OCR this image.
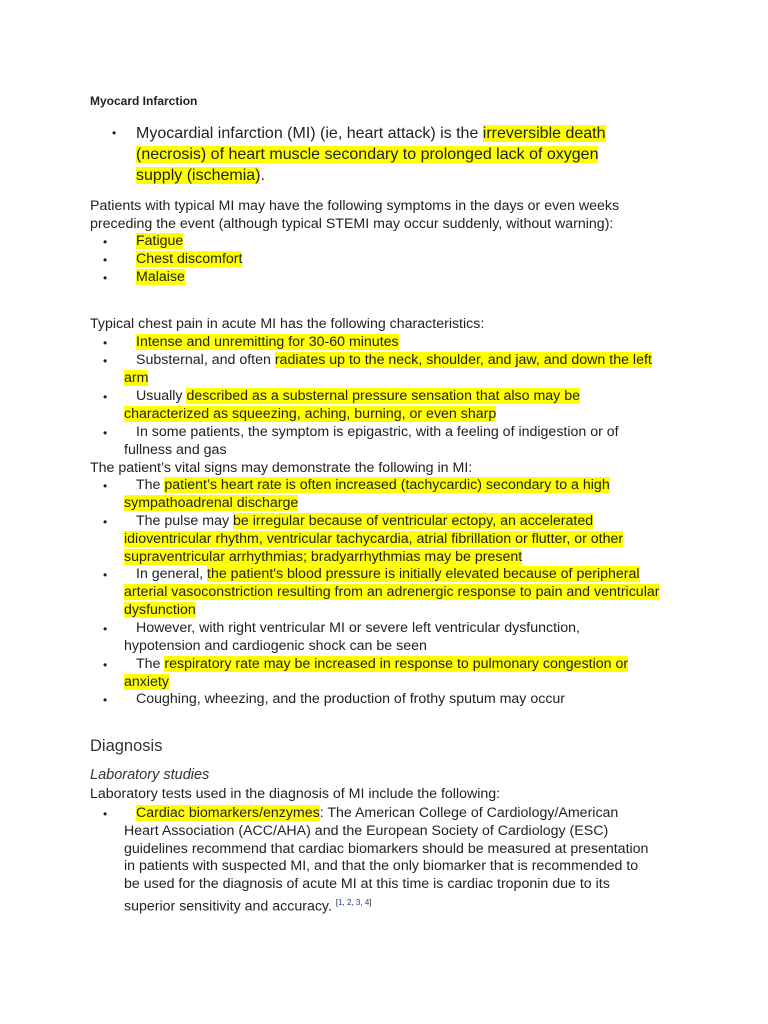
Myocard Infarction
• Myocardial infarction (MI) (ie, heart attack) is the irreversible death (necrosis) of heart muscle secondary to prolonged lack of oxygen supply (ischemia).
Patients with typical MI may have the following symptoms in the days or even weeks preceding the event (although typical STEMI may occur suddenly, without warning):
• Fatigue
• Chest discomfort
• Malaise
Typical chest pain in acute MI has the following characteristics:
•	Intense and unremitting for 30-60 minutes
•	Substernal, and often radiates up to the neck, shoulder, and jaw, and down the left arm
•	Usually described as a substernal pressure sensation that also may be characterized as squeezing, aching, burning, or even sharp
•	In some patients, the symptom is epigastric, with a feeling of indigestion or of fullness and gas
The patient’s vital signs may demonstrate the following in MI:
•	The patient’s heart rate is often increased (tachycardic) secondary to a high sympathoadrenal discharge
•	The pulse may be irregular because of ventricular ectopy, an accelerated idioventricular rhythm, ventricular tachycardia, atrial fibrillation or flutter, or other supraventricular arrhythmias; bradyarrhythmias may be present
•	In general, the patient's blood pressure is initially elevated because of peripheral arterial vasoconstriction resulting from an adrenergic response to pain and ventricular dysfunction
•	However, with right ventricular MI or severe left ventricular dysfunction, hypotension and cardiogenic shock can be seen
•	The respiratory rate may be increased in response to pulmonary congestion or anxiety
•	Coughing, wheezing, and the production of frothy sputum may occur
Diagnosis
Laboratory studies
Laboratory tests used in the diagnosis of MI include the following:
•	Cardiac biomarkers/enzymes: The American College of Cardiology/American Heart Association (ACC/AHA) and the European Society of Cardiology (ESC) guidelines recommend that cardiac biomarkers should be measured at presentation in patients with suspected MI, and that the only biomarker that is recommended to be used for the diagnosis of acute MI at this time is cardiac troponin due to its superior sensitivity and accuracy. [1, 2, 3, 4]
